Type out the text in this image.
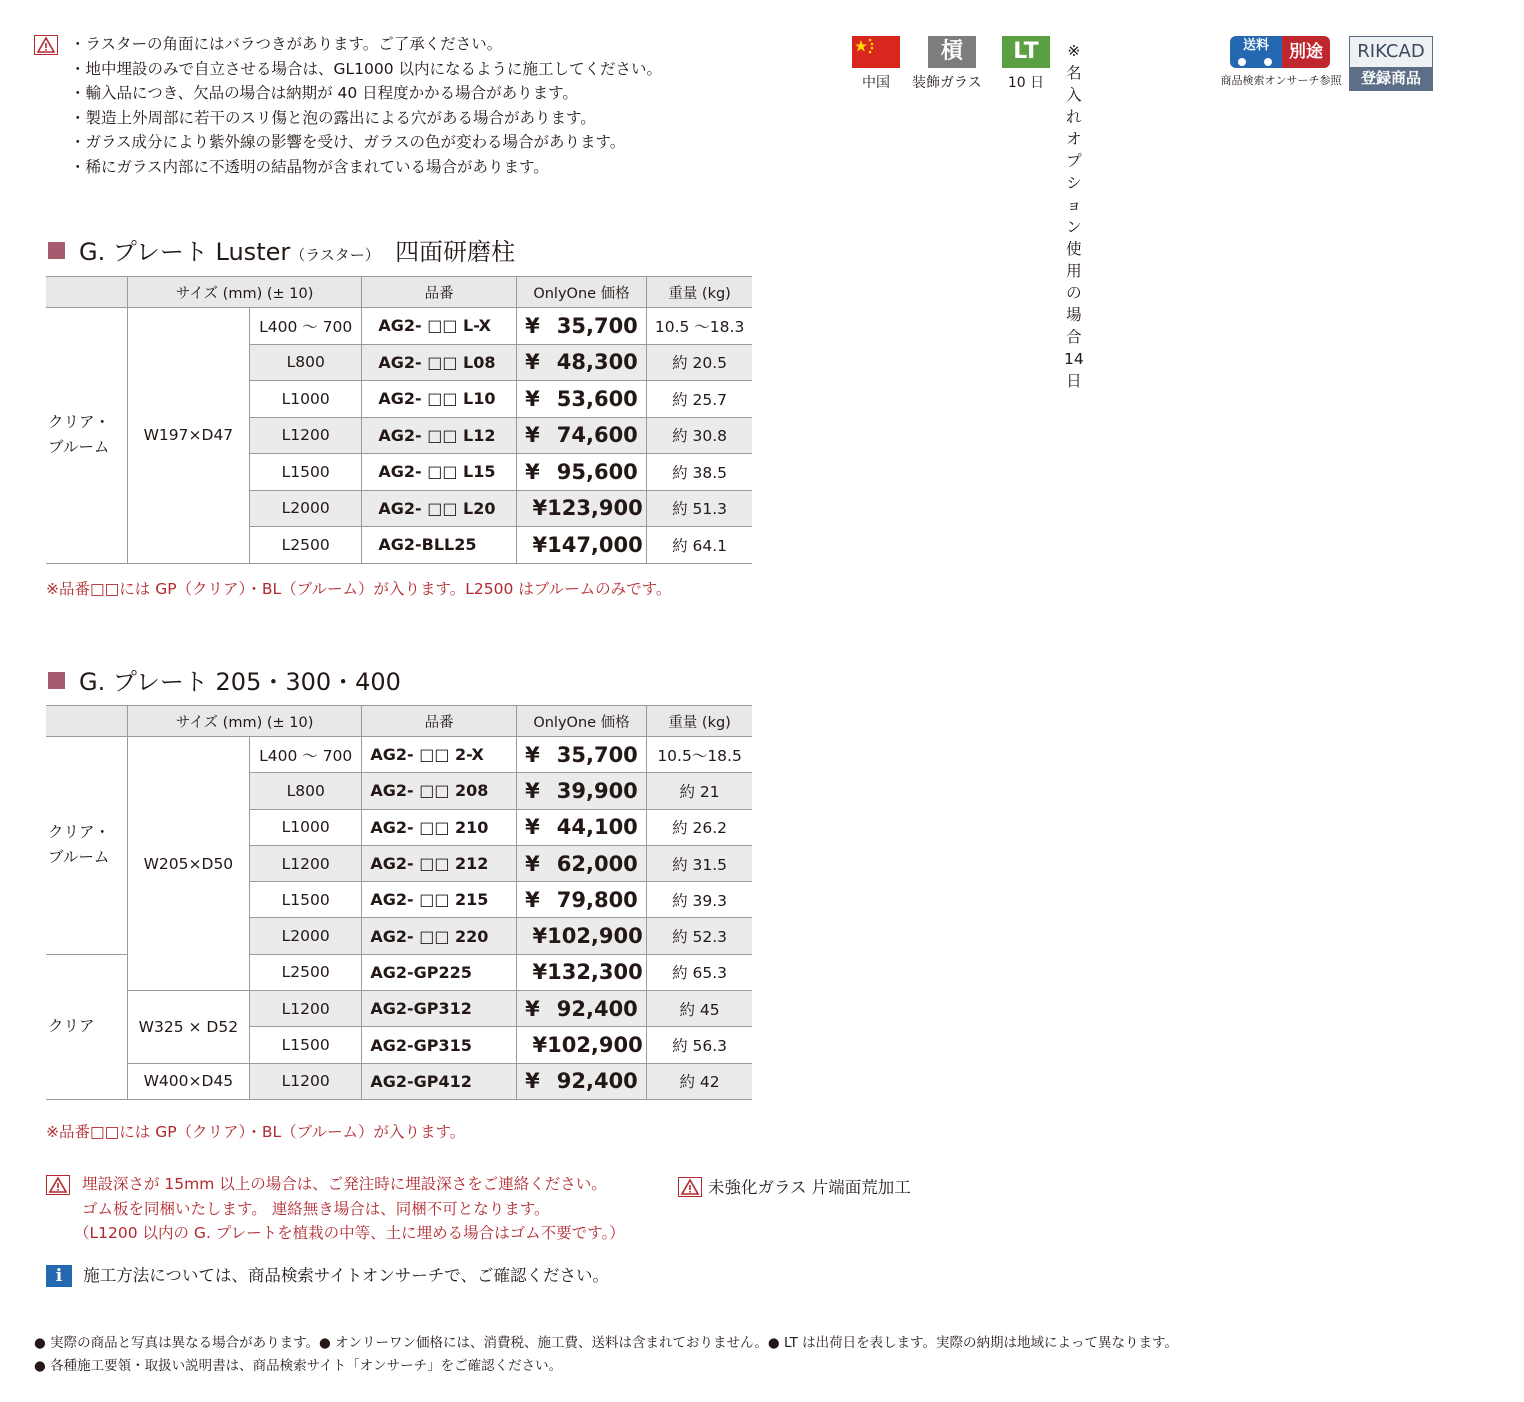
・ラスターの角面にはバラつきがあります。ご了承ください。
・地中埋設のみで自立させる場合は、GL1000 以内になるように施工してください。
・輸入品につき、欠品の場合は納期が 40 日程度かかる場合があります。
・製造上外周部に若干のスリ傷と泡の露出による穴がある場合があります。
・ガラス成分により紫外線の影響を受け、ガラスの色が変わる場合があります。
・稀にガラス内部に不透明の結晶物が含まれている場合があります。
中国
槓
装飾ガラス
LT
10 日
※名入れオプション
使用の場合 14 日
送料	別途
商品検索オンサーチ参照
RIKCAD
登録商品
G. プレート Luster（ラスター） 四面研磨柱
	サイズ (mm) (± 10)		品番	OnlyOne 価格	重量 (kg)
クリア・
ブルーム	W197×D47	L400 ～ 700	AG2- □□ L-X	¥ 35,700	10.5 ～18.3
		L800	AG2- □□ L08	¥ 48,300	約 20.5
		L1000	AG2- □□ L10	¥ 53,600	約 25.7
		L1200	AG2- □□ L12	¥ 74,600	約 30.8
		L1500	AG2- □□ L15	¥ 95,600	約 38.5
		L2000	AG2- □□ L20	¥123,900	約 51.3
		L2500	AG2-BLL25	¥147,000	約 64.1
※品番□□には GP（クリア）・BL（ブルーム）が入ります。L2500 はブルームのみです。
G. プレート 205・300・400
	サイズ (mm) (± 10)		品番	OnlyOne 価格	重量 (kg)
クリア・
ブルーム	W205×D50	L400 ～ 700	AG2- □□ 2-X	¥ 35,700	10.5～18.5
		L800	AG2- □□ 208	¥ 39,900	約 21
		L1000	AG2- □□ 210	¥ 44,100	約 26.2
		L1200	AG2- □□ 212	¥ 62,000	約 31.5
		L1500	AG2- □□ 215	¥ 79,800	約 39.3
		L2000	AG2- □□ 220	¥102,900	約 52.3
クリア		L2500	AG2-GP225	¥132,300	約 65.3
	W325 × D52	L1200	AG2-GP312	¥ 92,400	約 45
		L1500	AG2-GP315	¥102,900	約 56.3
	W400×D45	L1200	AG2-GP412	¥ 92,400	約 42
※品番□□には GP（クリア）・BL（ブルーム）が入ります。
埋設深さが 15mm 以上の場合は、ご発注時に埋設深さをご連絡ください。
ゴム板を同梱いたします。 連絡無き場合は、同梱不可となります。
（L1200 以内の G. プレートを植栽の中等、土に埋める場合はゴム不要です。）
未強化ガラス 片端面荒加工
i 施工方法については、商品検索サイトオンサーチで、ご確認ください。
● 実際の商品と写真は異なる場合があります。● オンリーワン価格には、消費税、施工費、送料は含まれておりません。● LT は出荷日を表します。実際の納期は地域によって異なります。
● 各種施工要領・取扱い説明書は、商品検索サイト「オンサーチ」をご確認ください。
